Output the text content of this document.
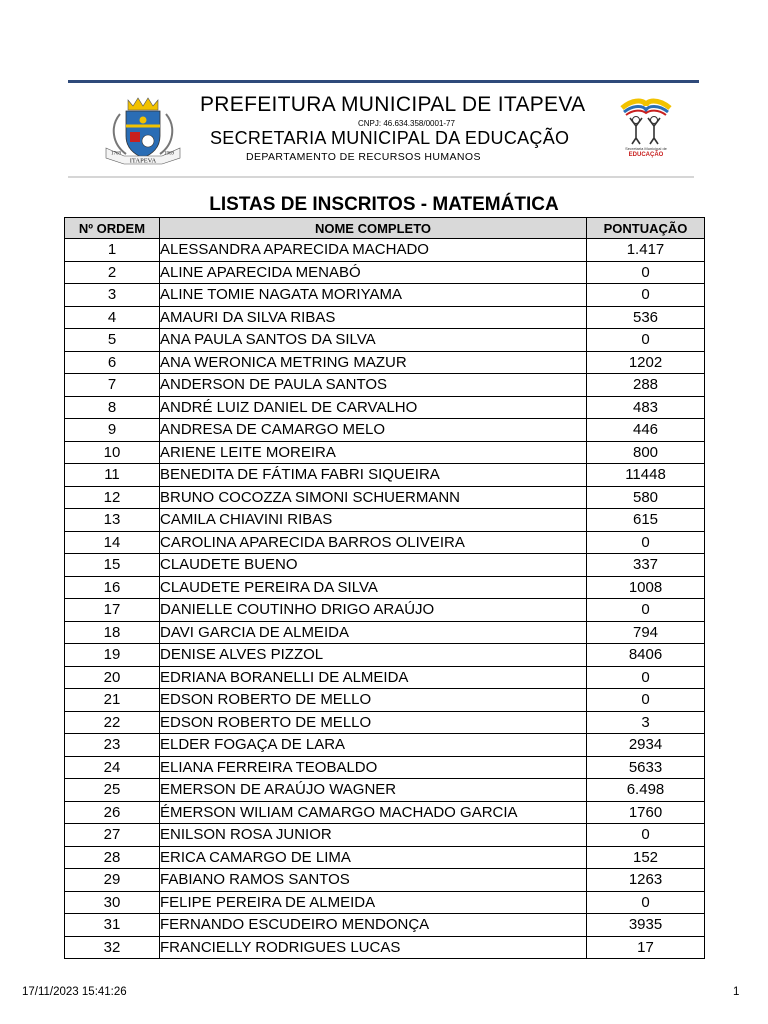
ITAPEVA
1769	1969
PREFEITURA MUNICIPAL DE ITAPEVA
CNPJ: 46.634.358/0001-77
SECRETARIA MUNICIPAL DA EDUCAÇÃO
DEPARTAMENTO DE RECURSOS HUMANOS
Secretaria Municipal de
EDUCAÇÃO
LISTAS DE INSCRITOS - MATEMÁTICA
Nº ORDEM	NOME COMPLETO	PONTUAÇÃO
1	ALESSANDRA APARECIDA MACHADO	1.417
2	ALINE APARECIDA MENABÓ	0
3	ALINE TOMIE NAGATA MORIYAMA	0
4	AMAURI DA SILVA RIBAS	536
5	ANA PAULA SANTOS DA SILVA	0
6	ANA WERONICA METRING MAZUR	1202
7	ANDERSON DE PAULA SANTOS	288
8	ANDRÉ LUIZ DANIEL DE CARVALHO	483
9	ANDRESA DE CAMARGO MELO	446
10	ARIENE LEITE MOREIRA	800
11	BENEDITA DE FÁTIMA FABRI SIQUEIRA	11448
12	BRUNO COCOZZA SIMONI SCHUERMANN	580
13	CAMILA CHIAVINI RIBAS	615
14	CAROLINA APARECIDA BARROS OLIVEIRA	0
15	CLAUDETE BUENO	337
16	CLAUDETE PEREIRA DA SILVA	1008
17	DANIELLE COUTINHO DRIGO ARAÚJO	0
18	DAVI GARCIA DE ALMEIDA	794
19	DENISE ALVES PIZZOL	8406
20	EDRIANA BORANELLI DE ALMEIDA	0
21	EDSON ROBERTO DE MELLO	0
22	EDSON ROBERTO DE MELLO	3
23	ELDER FOGAÇA DE LARA	2934
24	ELIANA FERREIRA TEOBALDO	5633
25	EMERSON DE ARAÚJO WAGNER	6.498
26	ÉMERSON WILIAM CAMARGO MACHADO GARCIA	1760
27	ENILSON ROSA JUNIOR	0
28	ERICA CAMARGO DE LIMA	152
29	FABIANO RAMOS SANTOS	1263
30	FELIPE PEREIRA DE ALMEIDA	0
31	FERNANDO ESCUDEIRO MENDONÇA	3935
32	FRANCIELLY RODRIGUES LUCAS	17
17/11/2023 15:41:26	1
